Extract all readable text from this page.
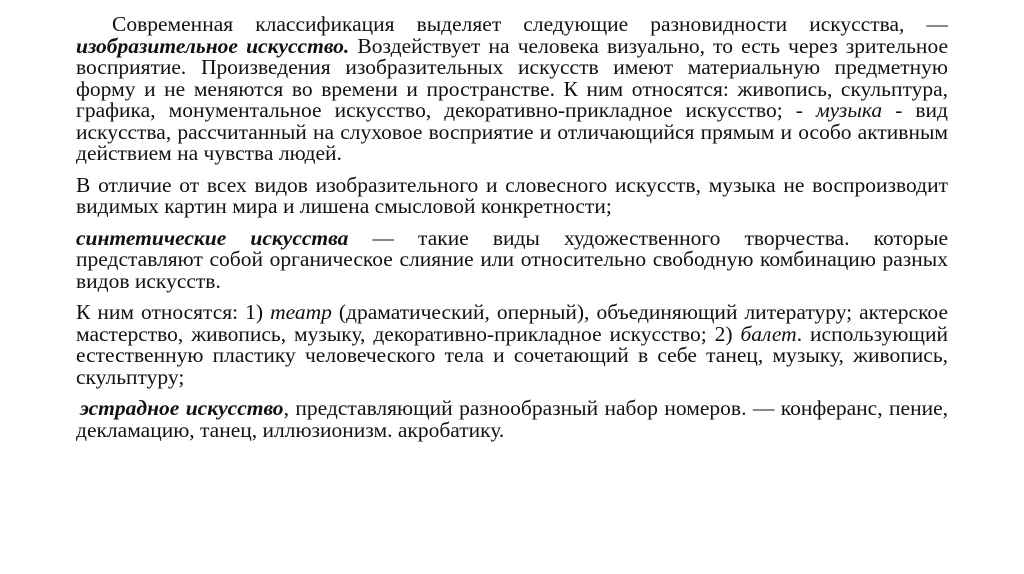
Современная классификация выделяет следующие разновидности искусства, — изобразительное искусство. Воздействует на человека визуально, то есть через зрительное восприятие. Произведения изобразительных искусств имеют материальную предметную форму и не меняются во времени и пространстве. К ним относятся: живопись, скульптура, графика, монументальное искусство, декоративно-прикладное искусство; - музыка - вид искусства, рассчитанный на слуховое восприятие и отличающийся прямым и особо активным действием на чувства людей.

В отличие от всех видов изобразительного и словесного искусств, музыка не воспроизводит видимых картин мира и лишена смысловой конкретности;

синтетические искусства — такие виды художественного творчества. которые представляют собой органическое слияние или относительно свободную комбинацию разных видов искусств.

К ним относятся: 1) театр (драматический, оперный), объединяющий литературу; актерское мастерство, живопись, музыку, декоративно-прикладное искусство; 2) балет. использующий естественную пластику человеческого тела и сочетающий в себе танец, музыку, живопись, скульптуру;

эстрадное искусство, представляющий разнообразный набор номеров. — конферанс, пение, декламацию, танец, иллюзионизм. акробатику.
